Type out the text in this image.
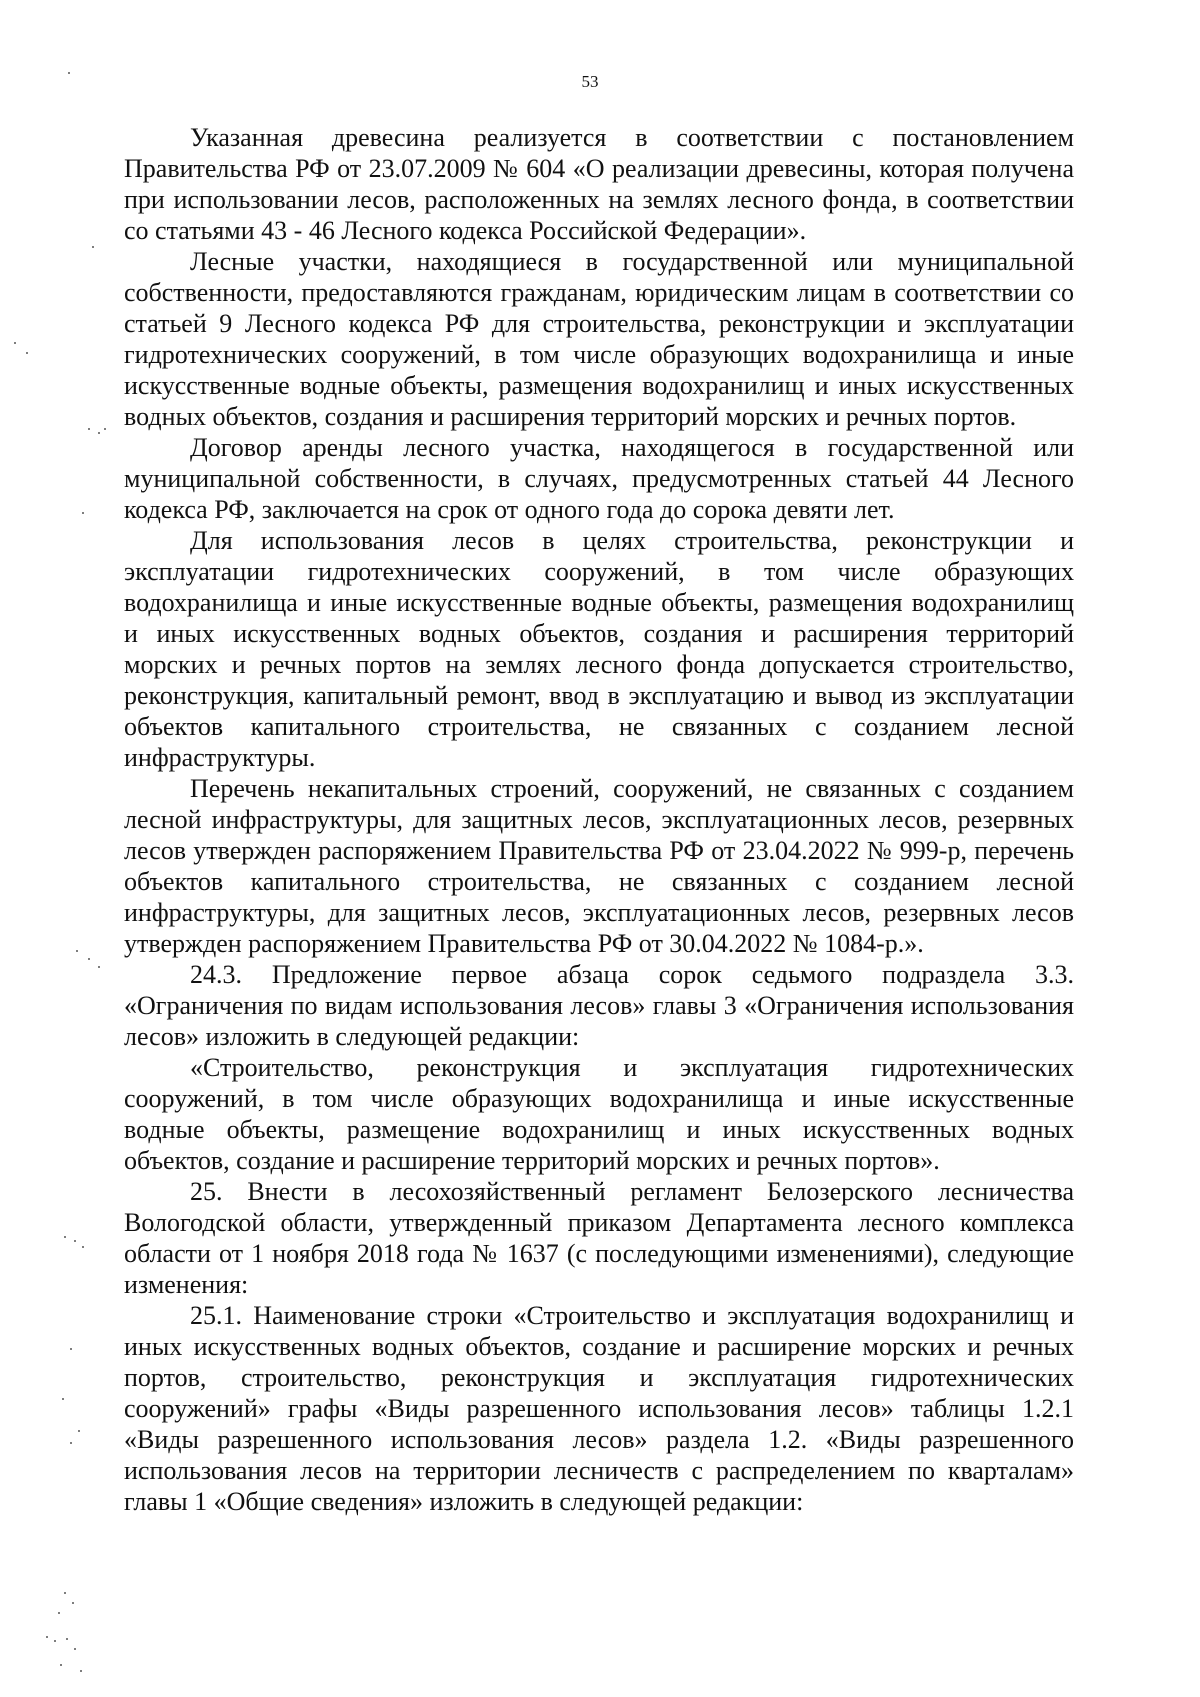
53
Указанная древесина реализуется в соответствии с постановлением
Правительства РФ от 23.07.2009 № 604 «О реализации древесины, которая получена
при использовании лесов, расположенных на землях лесного фонда, в соответствии
со статьями 43 - 46 Лесного кодекса Российской Федерации».
Лесные участки, находящиеся в государственной или муниципальной
собственности, предоставляются гражданам, юридическим лицам в соответствии со
статьей 9 Лесного кодекса РФ для строительства, реконструкции и эксплуатации
гидротехнических сооружений, в том числе образующих водохранилища и иные
искусственные водные объекты, размещения водохранилищ и иных искусственных
водных объектов, создания и расширения территорий морских и речных портов.
Договор аренды лесного участка, находящегося в государственной или
муниципальной собственности, в случаях, предусмотренных статьей 44 Лесного
кодекса РФ, заключается на срок от одного года до сорока девяти лет.
Для использования лесов в целях строительства, реконструкции и
эксплуатации гидротехнических сооружений, в том числе образующих
водохранилища и иные искусственные водные объекты, размещения водохранилищ
и иных искусственных водных объектов, создания и расширения территорий
морских и речных портов на землях лесного фонда допускается строительство,
реконструкция, капитальный ремонт, ввод в эксплуатацию и вывод из эксплуатации
объектов капитального строительства, не связанных с созданием лесной
инфраструктуры.
Перечень некапитальных строений, сооружений, не связанных с созданием
лесной инфраструктуры, для защитных лесов, эксплуатационных лесов, резервных
лесов утвержден распоряжением Правительства РФ от 23.04.2022 № 999-р, перечень
объектов капитального строительства, не связанных с созданием лесной
инфраструктуры, для защитных лесов, эксплуатационных лесов, резервных лесов
утвержден распоряжением Правительства РФ от 30.04.2022 № 1084-р.».
24.3. Предложение первое абзаца сорок седьмого подраздела 3.3.
«Ограничения по видам использования лесов» главы 3 «Ограничения использования
лесов» изложить в следующей редакции:
«Строительство, реконструкция и эксплуатация гидротехнических
сооружений, в том числе образующих водохранилища и иные искусственные
водные объекты, размещение водохранилищ и иных искусственных водных
объектов, создание и расширение территорий морских и речных портов».
25. Внести в лесохозяйственный регламент Белозерского лесничества
Вологодской области, утвержденный приказом Департамента лесного комплекса
области от 1 ноября 2018 года № 1637 (с последующими изменениями), следующие
изменения:
25.1. Наименование строки «Строительство и эксплуатация водохранилищ и
иных искусственных водных объектов, создание и расширение морских и речных
портов, строительство, реконструкция и эксплуатация гидротехнических
сооружений» графы «Виды разрешенного использования лесов» таблицы 1.2.1
«Виды разрешенного использования лесов» раздела 1.2. «Виды разрешенного
использования лесов на территории лесничеств с распределением по кварталам»
главы 1 «Общие сведения» изложить в следующей редакции:
